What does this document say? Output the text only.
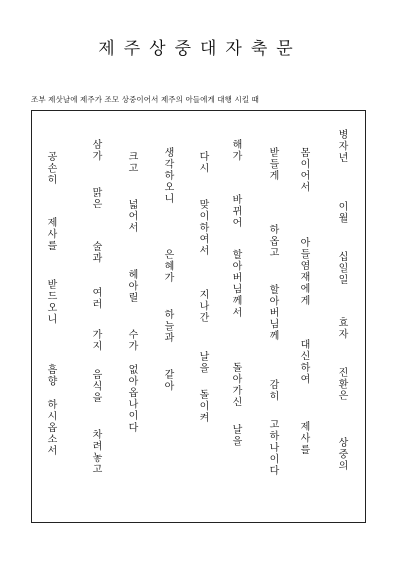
제주상중대자축문
조부 제삿날에 제주가 조모 상중이어서 제주의 아들에게 대행 시킬 때
병자년
이월
십일일
효자
진환은
상중의
몸이어서
아들염재에게
대신하여
제사를
받들게
하옵고
할아버님께
감히
고하나이다
해가
바뀌어
할아버님께서
돌아가신
날을
다시
맞이하여서
지나간
날을
돌이켜
생각하오니
은혜가
하늘과
같아
크고
넓어서
헤아릴
수가
없아옵나이다
삼가
맑은
술과
여러
가지
음식을
차려놓고
공손히
제사를
받드오니
흠향
하시옵소서
